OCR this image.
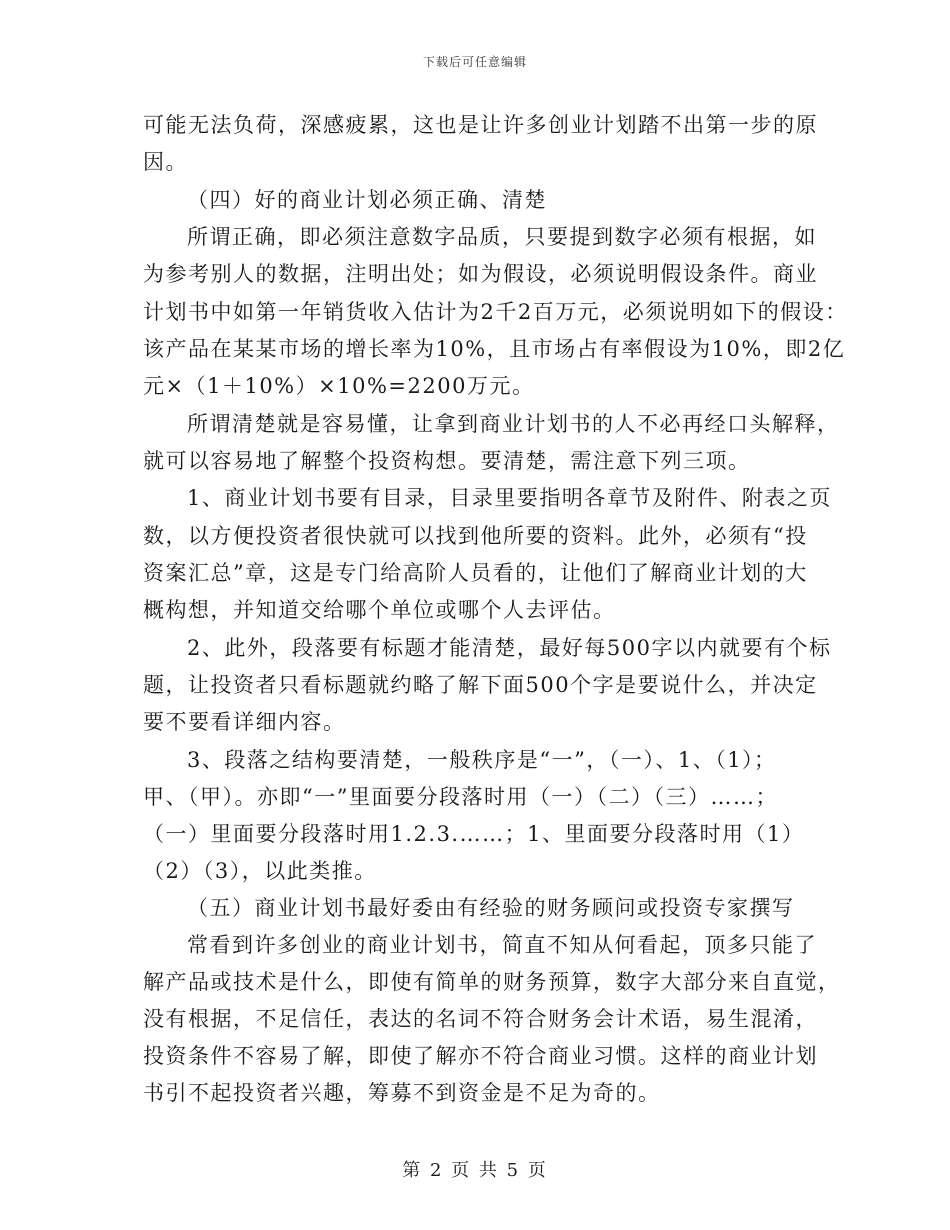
下载后可任意编辑
可能无法负荷，深感疲累，这也是让许多创业计划踏不出第一步的原
因。
（四）好的商业计划必须正确、清楚
所谓正确，即必须注意数字品质，只要提到数字必须有根据，如
为参考别人的数据，注明出处；如为假设，必须说明假设条件。商业
计划书中如第一年销货收入估计为2千2百万元，必须说明如下的假设：
该产品在某某市场的增长率为10%，且市场占有率假设为10%，即2亿
元×（1＋10%）×10%=2200万元。
所谓清楚就是容易懂，让拿到商业计划书的人不必再经口头解释，
就可以容易地了解整个投资构想。要清楚，需注意下列三项。
1、商业计划书要有目录，目录里要指明各章节及附件、附表之页
数，以方便投资者很快就可以找到他所要的资料。此外，必须有“投
资案汇总”章，这是专门给高阶人员看的，让他们了解商业计划的大
概构想，并知道交给哪个单位或哪个人去评估。
2、此外，段落要有标题才能清楚，最好每500字以内就要有个标
题，让投资者只看标题就约略了解下面500个字是要说什么，并决定
要不要看详细内容。
3、段落之结构要清楚，一般秩序是“一”，（一）、1、（1）；
甲、（甲）。亦即“一”里面要分段落时用（一）（二）（三）……；
（一）里面要分段落时用1.2.3.……；1、里面要分段落时用（1）
（2）（3），以此类推。
（五）商业计划书最好委由有经验的财务顾问或投资专家撰写
常看到许多创业的商业计划书，简直不知从何看起，顶多只能了
解产品或技术是什么，即使有简单的财务预算，数字大部分来自直觉，
没有根据，不足信任，表达的名词不符合财务会计术语，易生混淆，
投资条件不容易了解，即使了解亦不符合商业习惯。这样的商业计划
书引不起投资者兴趣，筹募不到资金是不足为奇的。
第 2 页 共 5 页
